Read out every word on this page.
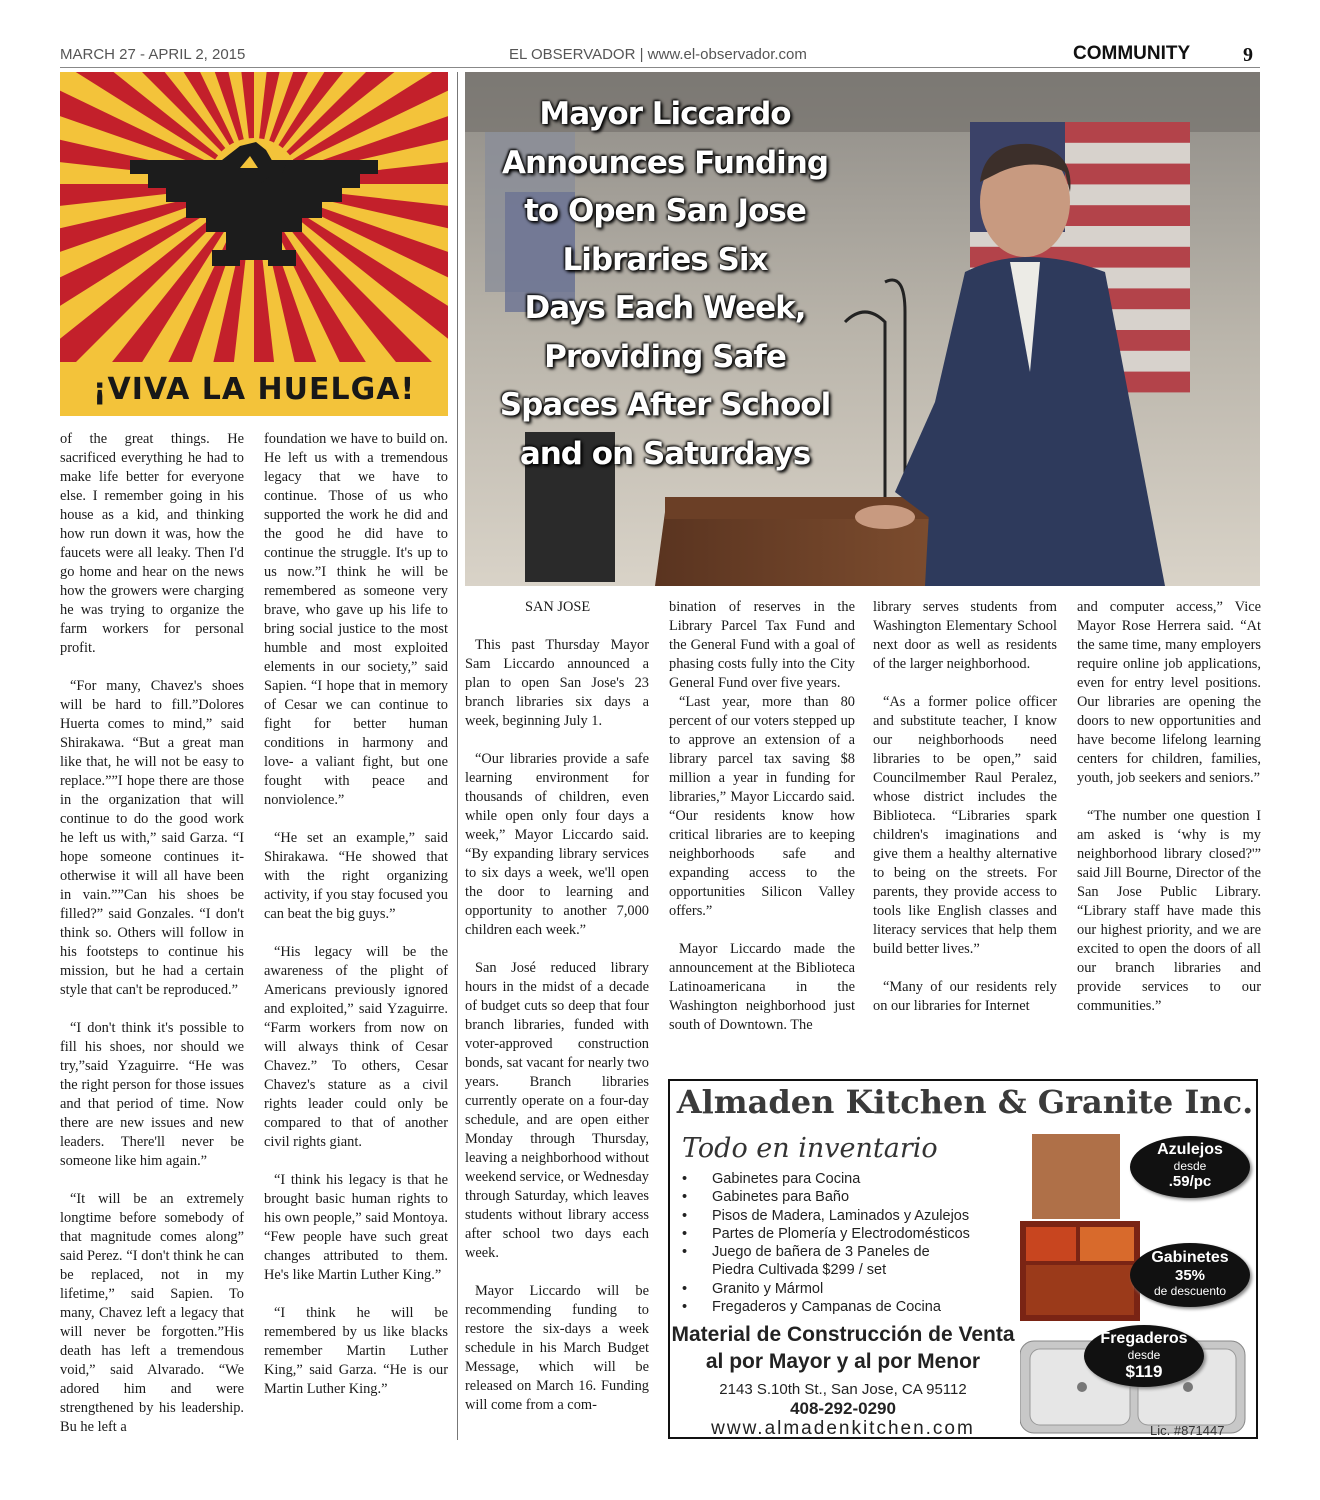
MARCH 27 - APRIL 2, 2015	EL OBSERVADOR | www.el-observador.com	COMMUNITY	9
¡VIVA LA HUELGA!
Mayor Liccardo
Announces Funding
to Open San Jose
Libraries Six
Days Each Week,
Providing Safe
Spaces After School
and on Saturdays

of the great things. He sacrificed everything he had to make life better for everyone else. I remember going in his house as a kid, and thinking how run down it was, how the faucets were all leaky. Then I'd go home and hear on the news how the growers were charging he was trying to organize the farm workers for personal profit.

“For many, Chavez's shoes will be hard to fill.”Dolores Huerta comes to mind,” said Shirakawa. “But a great man like that, he will not be easy to replace.””I hope there are those in the organization that will continue to do the good work he left us with,” said Garza. “I hope someone continues it- otherwise it will all have been in vain.””Can his shoes be filled?” said Gonzales. “I don't think so. Others will follow in his footsteps to continue his mission, but he had a certain style that can't be reproduced.”

“I don't think it's possible to fill his shoes, nor should we try,”said Yzaguirre. “He was the right person for those issues and that period of time. Now there are new issues and new leaders. There'll never be someone like him again.”

“It will be an extremely longtime before somebody of that magnitude comes along” said Perez. “I don't think he can be replaced, not in my lifetime,” said Sapien. To many, Chavez left a legacy that will never be forgotten.”His death has left a tremendous void,” said Alvarado. “We adored him and were strengthened by his leadership. Bu he left a

foundation we have to build on. He left us with a tremendous legacy that we have to continue. Those of us who supported the work he did and the good he did have to continue the struggle. It's up to us now.”I think he will be remembered as someone very brave, who gave up his life to bring social justice to the most humble and most exploited elements in our society,” said Sapien. “I hope that in memory of Cesar we can continue to fight for better human conditions in harmony and love- a valiant fight, but one fought with peace and nonviolence.”

“He set an example,” said Shirakawa. “He showed that with the right organizing activity, if you stay focused you can beat the big guys.”

“His legacy will be the awareness of the plight of Americans previously ignored and exploited,” said Yzaguirre. “Farm workers from now on will always think of Cesar Chavez.” To others, Cesar Chavez's stature as a civil rights leader could only be compared to that of another civil rights giant.

“I think his legacy is that he brought basic human rights to his own people,” said Montoya. “Few people have such great changes attributed to them. He's like Martin Luther King.”

“I think he will be remembered by us like blacks remember Martin Luther King,” said Garza. “He is our Martin Luther King.”

SAN JOSE

This past Thursday Mayor Sam Liccardo announced a plan to open San Jose's 23 branch libraries six days a week, beginning July 1.

“Our libraries provide a safe learning environment for thousands of children, even while open only four days a week,” Mayor Liccardo said. “By expanding library services to six days a week, we'll open the door to learning and opportunity to another 7,000 children each week.”

San José reduced library hours in the midst of a decade of budget cuts so deep that four branch libraries, funded with voter-approved construction bonds, sat vacant for nearly two years. Branch libraries currently operate on a four-day schedule, and are open either Monday through Thursday, leaving a neighborhood without weekend service, or Wednesday through Saturday, which leaves students without library access after school two days each week.

Mayor Liccardo will be recommending funding to restore the six-days a week schedule in his March Budget Message, which will be released on March 16. Funding will come from a com-

bination of reserves in the Library Parcel Tax Fund and the General Fund with a goal of phasing costs fully into the City General Fund over five years.

“Last year, more than 80 percent of our voters stepped up to approve an extension of a library parcel tax saving $8 million a year in funding for libraries,” Mayor Liccardo said. “Our residents know how critical libraries are to keeping neighborhoods safe and expanding access to the opportunities Silicon Valley offers.”

Mayor Liccardo made the announcement at the Biblioteca Latinoamericana in the Washington neighborhood just south of Downtown. The

library serves students from Washington Elementary School next door as well as residents of the larger neighborhood.

“As a former police officer and substitute teacher, I know our neighborhoods need libraries to be open,” said Councilmember Raul Peralez, whose district includes the Biblioteca. “Libraries spark children's imaginations and give them a healthy alternative to being on the streets. For parents, they provide access to tools like English classes and literacy services that help them build better lives.”

“Many of our residents rely on our libraries for Internet

and computer access,” Vice Mayor Rose Herrera said. “At the same time, many employers require online job applications, even for entry level positions. Our libraries are opening the doors to new opportunities and have become lifelong learning centers for children, families, youth, job seekers and seniors.”

“The number one question I am asked is ‘why is my neighborhood library closed?'” said Jill Bourne, Director of the San Jose Public Library. “Library staff have made this our highest priority, and we are excited to open the doors of all our branch libraries and provide services to our communities.”

Almaden Kitchen & Granite Inc.
Todo en inventario
• Gabinetes para Cocina
• Gabinetes para Baño
• Pisos de Madera, Laminados y Azulejos
• Partes de Plomería y Electrodomésticos
• Juego de bañera de 3 Paneles de
Piedra Cultivada $299 / set
• Granito y Mármol
• Fregaderos y Campanas de Cocina
Material de Construcción de Venta
al por Mayor y al por Menor
2143 S.10th St., San Jose, CA 95112
408-292-0290
www.almadenkitchen.com	Lic. #871447
Azulejos
desde
.59/pc
Gabinetes
35%
de descuento
Fregaderos
desde
$119
